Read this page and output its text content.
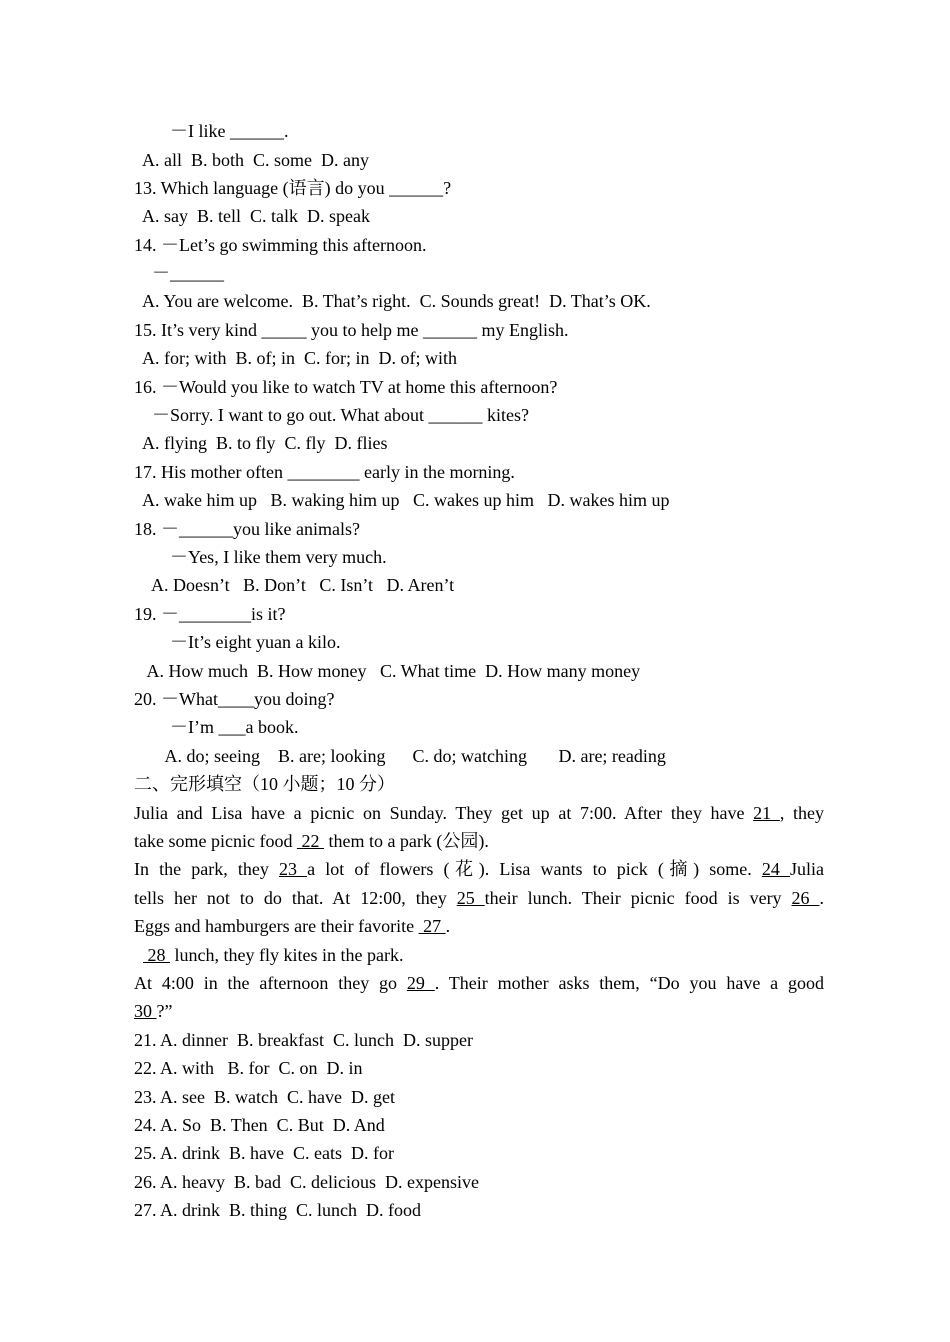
　　－I like ______.
A. all  B. both  C. some  D. any
13. Which language (语言) do you ______?
A. say  B. tell  C. talk  D. speak
14. －Let’s go swimming this afternoon.
　－______
A. You are welcome.  B. That’s right.  C. Sounds great!  D. That’s OK.
15. It’s very kind _____ you to help me ______ my English.
A. for; with  B. of; in  C. for; in  D. of; with
16. －Would you like to watch TV at home this afternoon?
　－Sorry. I want to go out. What about ______ kites?
A. flying  B. to fly  C. fly  D. flies
17. His mother often ________ early in the morning.
A. wake him up   B. waking him up   C. wakes up him   D. wakes him up
18. －______you like animals?
　　－Yes, I like them very much.
A. Doesn’t   B. Don’t   C. Isn’t   D. Aren’t
19. －________is it?
　　－It’s eight yuan a kilo.
A. How much  B. How money   C. What time  D. How many money
20. －What____you doing?
　　－I’m ___a book.
A. do; seeing    B. are; looking      C. do; watching       D. are; reading
二、完形填空（10 小题；10 分）
Julia and Lisa have a picnic on Sunday. They get up at 7:00. After they have 21 , they
take some picnic food  22  them to a park (公园).
In the park, they 23 a lot of flowers (花). Lisa wants to pick (摘) some. 24 Julia
tells her not to do that. At 12:00, they 25 their lunch. Their picnic food is very 26 .
Eggs and hamburgers are their favorite  27 .
28  lunch, they fly kites in the park.
At 4:00 in the afternoon they go 29 . Their mother asks them, “Do you have a good
30 ?”
21. A. dinner  B. breakfast  C. lunch  D. supper
22. A. with   B. for  C. on  D. in
23. A. see  B. watch  C. have  D. get
24. A. So  B. Then  C. But  D. And
25. A. drink  B. have  C. eats  D. for
26. A. heavy  B. bad  C. delicious  D. expensive
27. A. drink  B. thing  C. lunch  D. food
